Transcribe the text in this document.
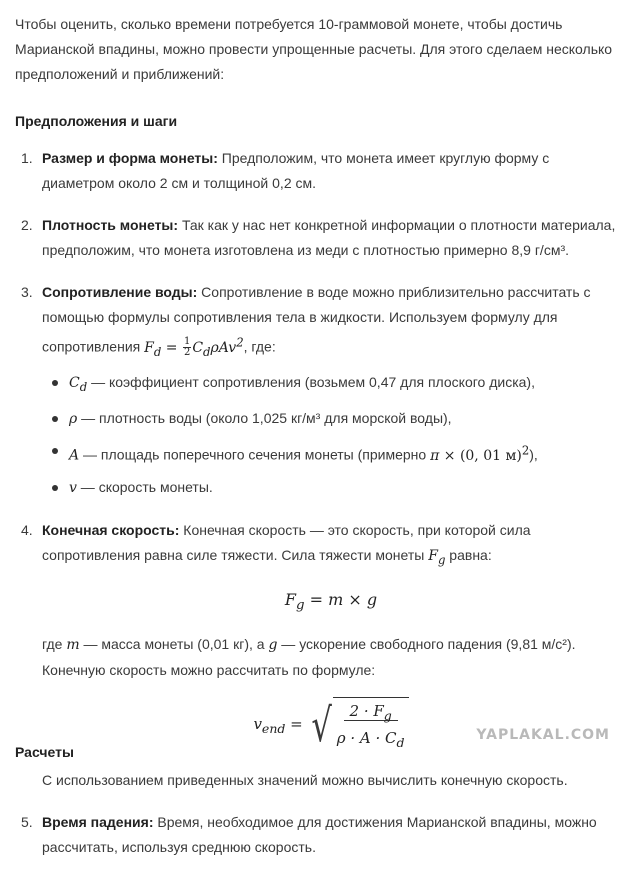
Чтобы оценить, сколько времени потребуется 10-граммовой монете, чтобы достичь Марианской впадины, можно провести упрощенные расчеты. Для этого сделаем несколько предположений и приближений:

Предположения и шаги
1. Размер и форма монеты: Предположим, что монета имеет круглую форму с диаметром около 2 см и толщиной 0,2 см.
2. Плотность монеты: Так как у нас нет конкретной информации о плотности материала, предположим, что монета изготовлена из меди с плотностью примерно 8,9 г/см³.
3. Сопротивление воды: Сопротивление в воде можно приблизительно рассчитать с помощью формулы сопротивления тела в жидкости. Используем формулу для сопротивления $F_d = \frac{1}{2} C_d\rho Av^2$, где:
$C_d$ — коэффициент сопротивления (возьмем 0,47 для плоского диска),
ρ — плотность воды (около 1,025 кг/м³ для морской воды),
A — площадь поперечного сечения монеты (примерно π × (0, 01 м)$^2$),
v — скорость монеты.
4. Конечная скорость: Конечная скорость — это скорость, при которой сила сопротивления равна силе тяжести. Сила тяжести монеты $F_g$ равна:
$F_g = m \times g$

где m — масса монеты (0,01 кг), а g — ускорение свободного падения (9,81 м/с²).

Конечную скорость можно рассчитать по формуле:

$v_{end}$ = √ $\frac{2 \cdot F_g}{\rho \cdot A \cdot C_d}$

С использованием приведенных значений можно вычислить конечную скорость.

5. Время падения: Время, необходимое для достижения Марианской впадины, можно рассчитать, используя среднюю скорость.
Расчеты
YAPLAKAL.COM
